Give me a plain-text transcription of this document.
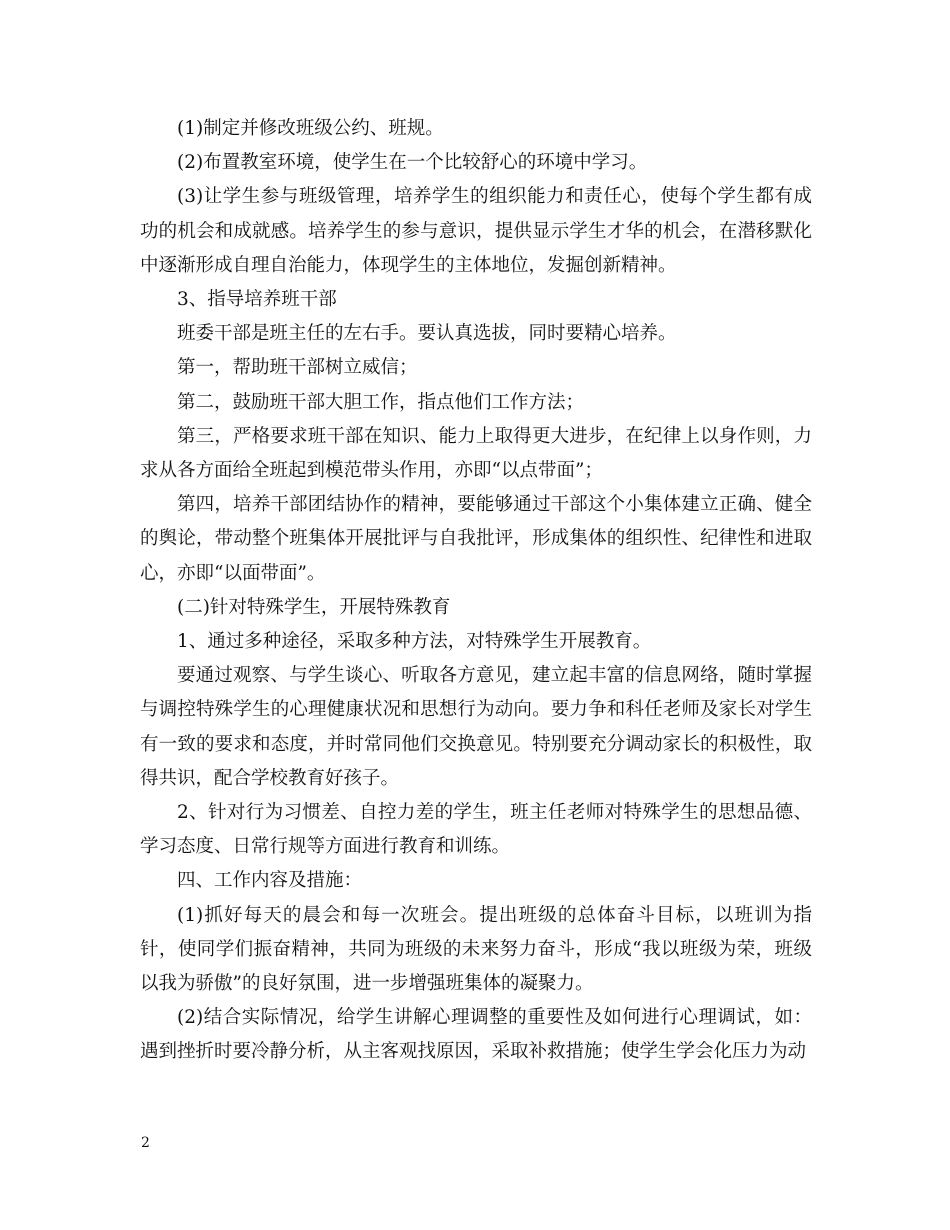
(1)制定并修改班级公约、班规。

(2)布置教室环境，使学生在一个比较舒心的环境中学习。

(3)让学生参与班级管理，培养学生的组织能力和责任心，使每个学生都有成功的机会和成就感。培养学生的参与意识，提供显示学生才华的机会，在潜移默化中逐渐形成自理自治能力，体现学生的主体地位，发掘创新精神。

3、指导培养班干部

班委干部是班主任的左右手。要认真选拔，同时要精心培养。

第一，帮助班干部树立威信；

第二，鼓励班干部大胆工作，指点他们工作方法；

第三，严格要求班干部在知识、能力上取得更大进步，在纪律上以身作则，力求从各方面给全班起到模范带头作用，亦即“以点带面”；

第四，培养干部团结协作的精神，要能够通过干部这个小集体建立正确、健全的舆论，带动整个班集体开展批评与自我批评，形成集体的组织性、纪律性和进取心，亦即“以面带面”。

(二)针对特殊学生，开展特殊教育

1、通过多种途径，采取多种方法，对特殊学生开展教育。

要通过观察、与学生谈心、听取各方意见，建立起丰富的信息网络，随时掌握与调控特殊学生的心理健康状况和思想行为动向。要力争和科任老师及家长对学生有一致的要求和态度，并时常同他们交换意见。特别要充分调动家长的积极性，取得共识，配合学校教育好孩子。

2、针对行为习惯差、自控力差的学生，班主任老师对特殊学生的思想品德、学习态度、日常行规等方面进行教育和训练。

四、工作内容及措施：

(1)抓好每天的晨会和每一次班会。提出班级的总体奋斗目标，以班训为指针，使同学们振奋精神，共同为班级的未来努力奋斗，形成“我以班级为荣，班级以我为骄傲”的良好氛围，进一步增强班集体的凝聚力。

(2)结合实际情况，给学生讲解心理调整的重要性及如何进行心理调试，如：遇到挫折时要冷静分析，从主客观找原因，采取补救措施；使学生学会化压力为动

2
